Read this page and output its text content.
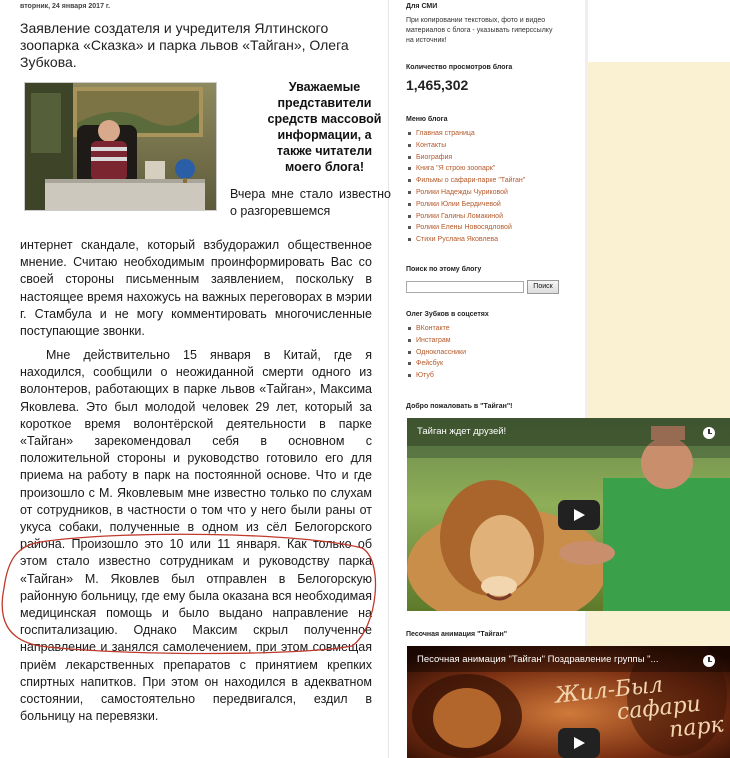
вторник, 24 января 2017 г.
Заявление создателя и учредителя Ялтинского зоопарка «Сказка» и парка львов «Тайган», Олега Зубкова.
Уважаемые представители средств массовой информации, а также читатели моего блога!
Вчера мне стало известно о разгоревшемся
интернет скандале, который взбудоражил общественное мнение. Считаю необходимым проинформировать Вас со своей стороны письменным заявлением, поскольку в настоящее время нахожусь на важных переговорах в мэрии г. Стамбула и не могу комментировать многочисленные поступающие звонки.
Мне действительно 15 января в Китай, где я находился, сообщили о неожиданной смерти одного из волонтеров, работающих в парке львов «Тайган», Максима Яковлева. Это был молодой человек 29 лет, который за короткое время волонтёрской деятельности в парке «Тайган» зарекомендовал себя в основном с положительной стороны и руководство готовило его для приема на работу в парк на постоянной основе. Что и где произошло с М. Яковлевым мне известно только по слухам от сотрудников, в частности о том что у него были раны от укуса собаки, полученные в одном из сёл Белогорского района. Произошло это 10 или 11 января. Как только об этом стало известно сотрудникам и руководству парка «Тайган» М. Яковлев был отправлен в Белогорскую районную больницу, где ему была оказана вся необходимая медицинская помощь и было выдано направление на госпитализацию. Однако Максим скрыл полученное направление и занялся самолечением, при этом совмещая приём лекарственных препаратов с принятием крепких спиртных напитков. При этом он находился в адекватном состоянии, самостоятельно передвигался, ездил в больницу на перевязки.
Для СМИ
При копировании текстовых, фото и видео материалов с блога - указывать гиперссылку на источник!
Количество просмотров блога
1,465,302
Меню блога
Главная страница
Контакты
Биография
Книга "Я строю зоопарк"
Фильмы о сафари-парке "Тайган"
Ролики Надежды Чуриковой
Ролики Юлии Бердичевой
Ролики Галины Ломакиной
Ролики Елены Новосядловой
Стихи Руслана Яковлева
Поиск по этому блогу
Поиск
Олег Зубков в соцсетях
ВКонтакте
Инстаграм
Одноклассники
Фейсбук
Ютуб
Добро пожаловать в "Тайган"!
Тайган ждет друзей!
Песочная анимация "Тайган"
Жил-Был
сафари
парк
Песочная анимация "Тайган" Поздравление группы "...
